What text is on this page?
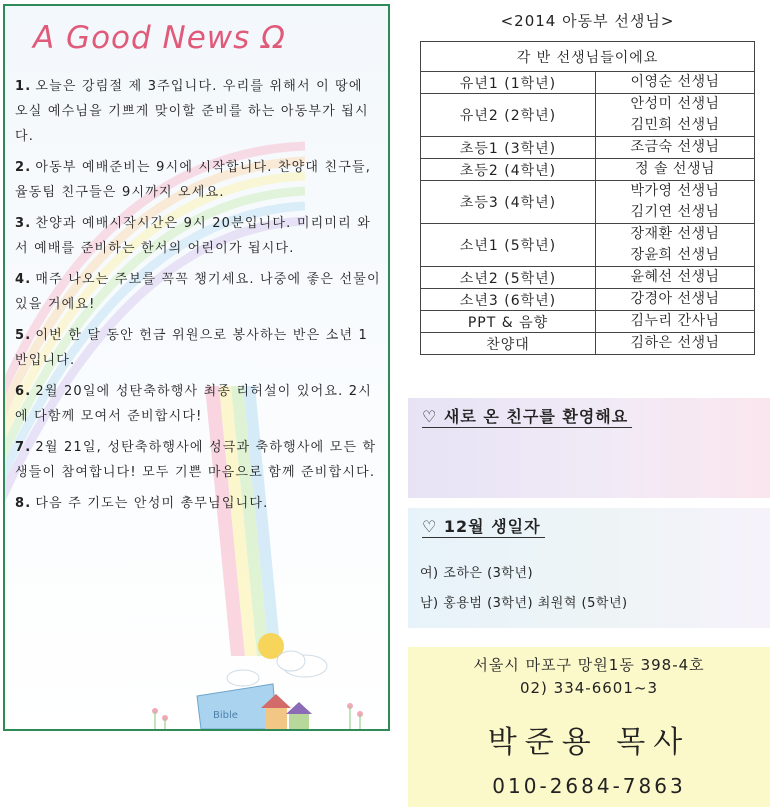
Bible
A Good News Ω
1. 오늘은 강림절 제 3주입니다. 우리를 위해서 이 땅에 오실 예수님을 기쁘게 맞이할 준비를 하는 아동부가 됩시다.
2. 아동부 예배준비는 9시에 시작합니다. 찬양대 친구들, 율동팀 친구들은 9시까지 오세요.
3. 찬양과 예배시작시간은 9시 20분입니다. 미리미리 와서 예배를 준비하는 한서의 어린이가 됩시다.
4. 매주 나오는 주보를 꼭꼭 챙기세요. 나중에 좋은 선물이 있을 거에요!
5. 이번 한 달 동안 헌금 위원으로 봉사하는 반은 소년 1반입니다.
6. 2월 20일에 성탄축하행사 최종 리허설이 있어요. 2시에 다함께 모여서 준비합시다!
7. 2월 21일, 성탄축하행사에 성극과 축하행사에 모든 학생들이 참여합니다! 모두 기쁜 마음으로 함께 준비합시다.
8. 다음 주 기도는 안성미 총무님입니다.
<2014 아동부 선생님>
각 반 선생님들이에요	
유년1 (1학년)	이영순 선생님

유년2 (2학년)	안성미 선생님
김민희 선생님

초등1 (3학년)	조금숙 선생님

초등2 (4학년)	정 솔 선생님

초등3 (4학년)	박가영 선생님
김기연 선생님

소년1 (5학년)	장재환 선생님
장윤희 선생님

소년2 (5학년)	윤혜선 선생님

소년3 (6학년)	강경아 선생님

PPT & 음향	김누리 간사님

찬양대	김하은 선생님
♡ 새로 온 친구를 환영해요
♡ 12월 생일자
여) 조하은 (3학년)
남) 홍용범 (3학년) 최원혁 (5학년)
서울시 마포구 망원1동 398-4호
02) 334-6601~3
박준용 목사
010-2684-7863
